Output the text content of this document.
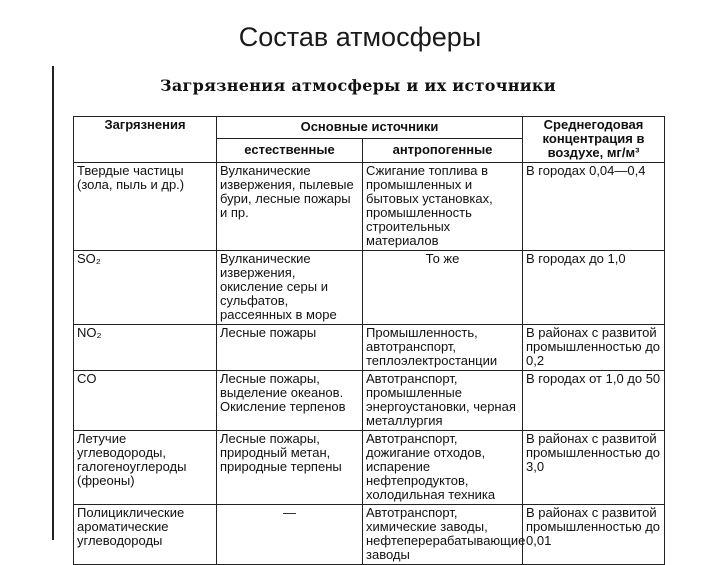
Состав атмосферы
Загрязнения атмосферы и их источники
Загрязнения	Основные источники		Среднегодовая концентрация в воздухе, мг/м³
	естественные	антропогенные	
Твердые частицы (зола, пыль и др.)	Вулканические извержения, пылевые бури, лесные пожары и пр.	Сжигание топлива в промышленных и бытовых установках, промышленность строительных материалов	В городах 0,04—0,4
SO₂	Вулканические извержения, окисление серы и сульфатов, рассеянных в море	То же	В городах до 1,0
NO₂	Лесные пожары	Промышленность, автотранспорт, теплоэлектростанции	В районах с развитой промышленностью до 0,2
CO	Лесные пожары, выделение океанов. Окисление терпенов	Автотранспорт, промышленные энергоустановки, черная металлургия	В городах от 1,0 до 50
Летучие углеводороды, галогеноуглероды (фреоны)	Лесные пожары, природный метан, природные терпены	Автотранспорт, дожигание отходов, испарение нефтепродуктов, холодильная техника	В районах с развитой промышленностью до 3,0
Полициклические ароматические углеводороды	—	Автотранспорт, химические заводы, нефтеперерабатывающие заводы	В районах с развитой промышленностью до 0,01
